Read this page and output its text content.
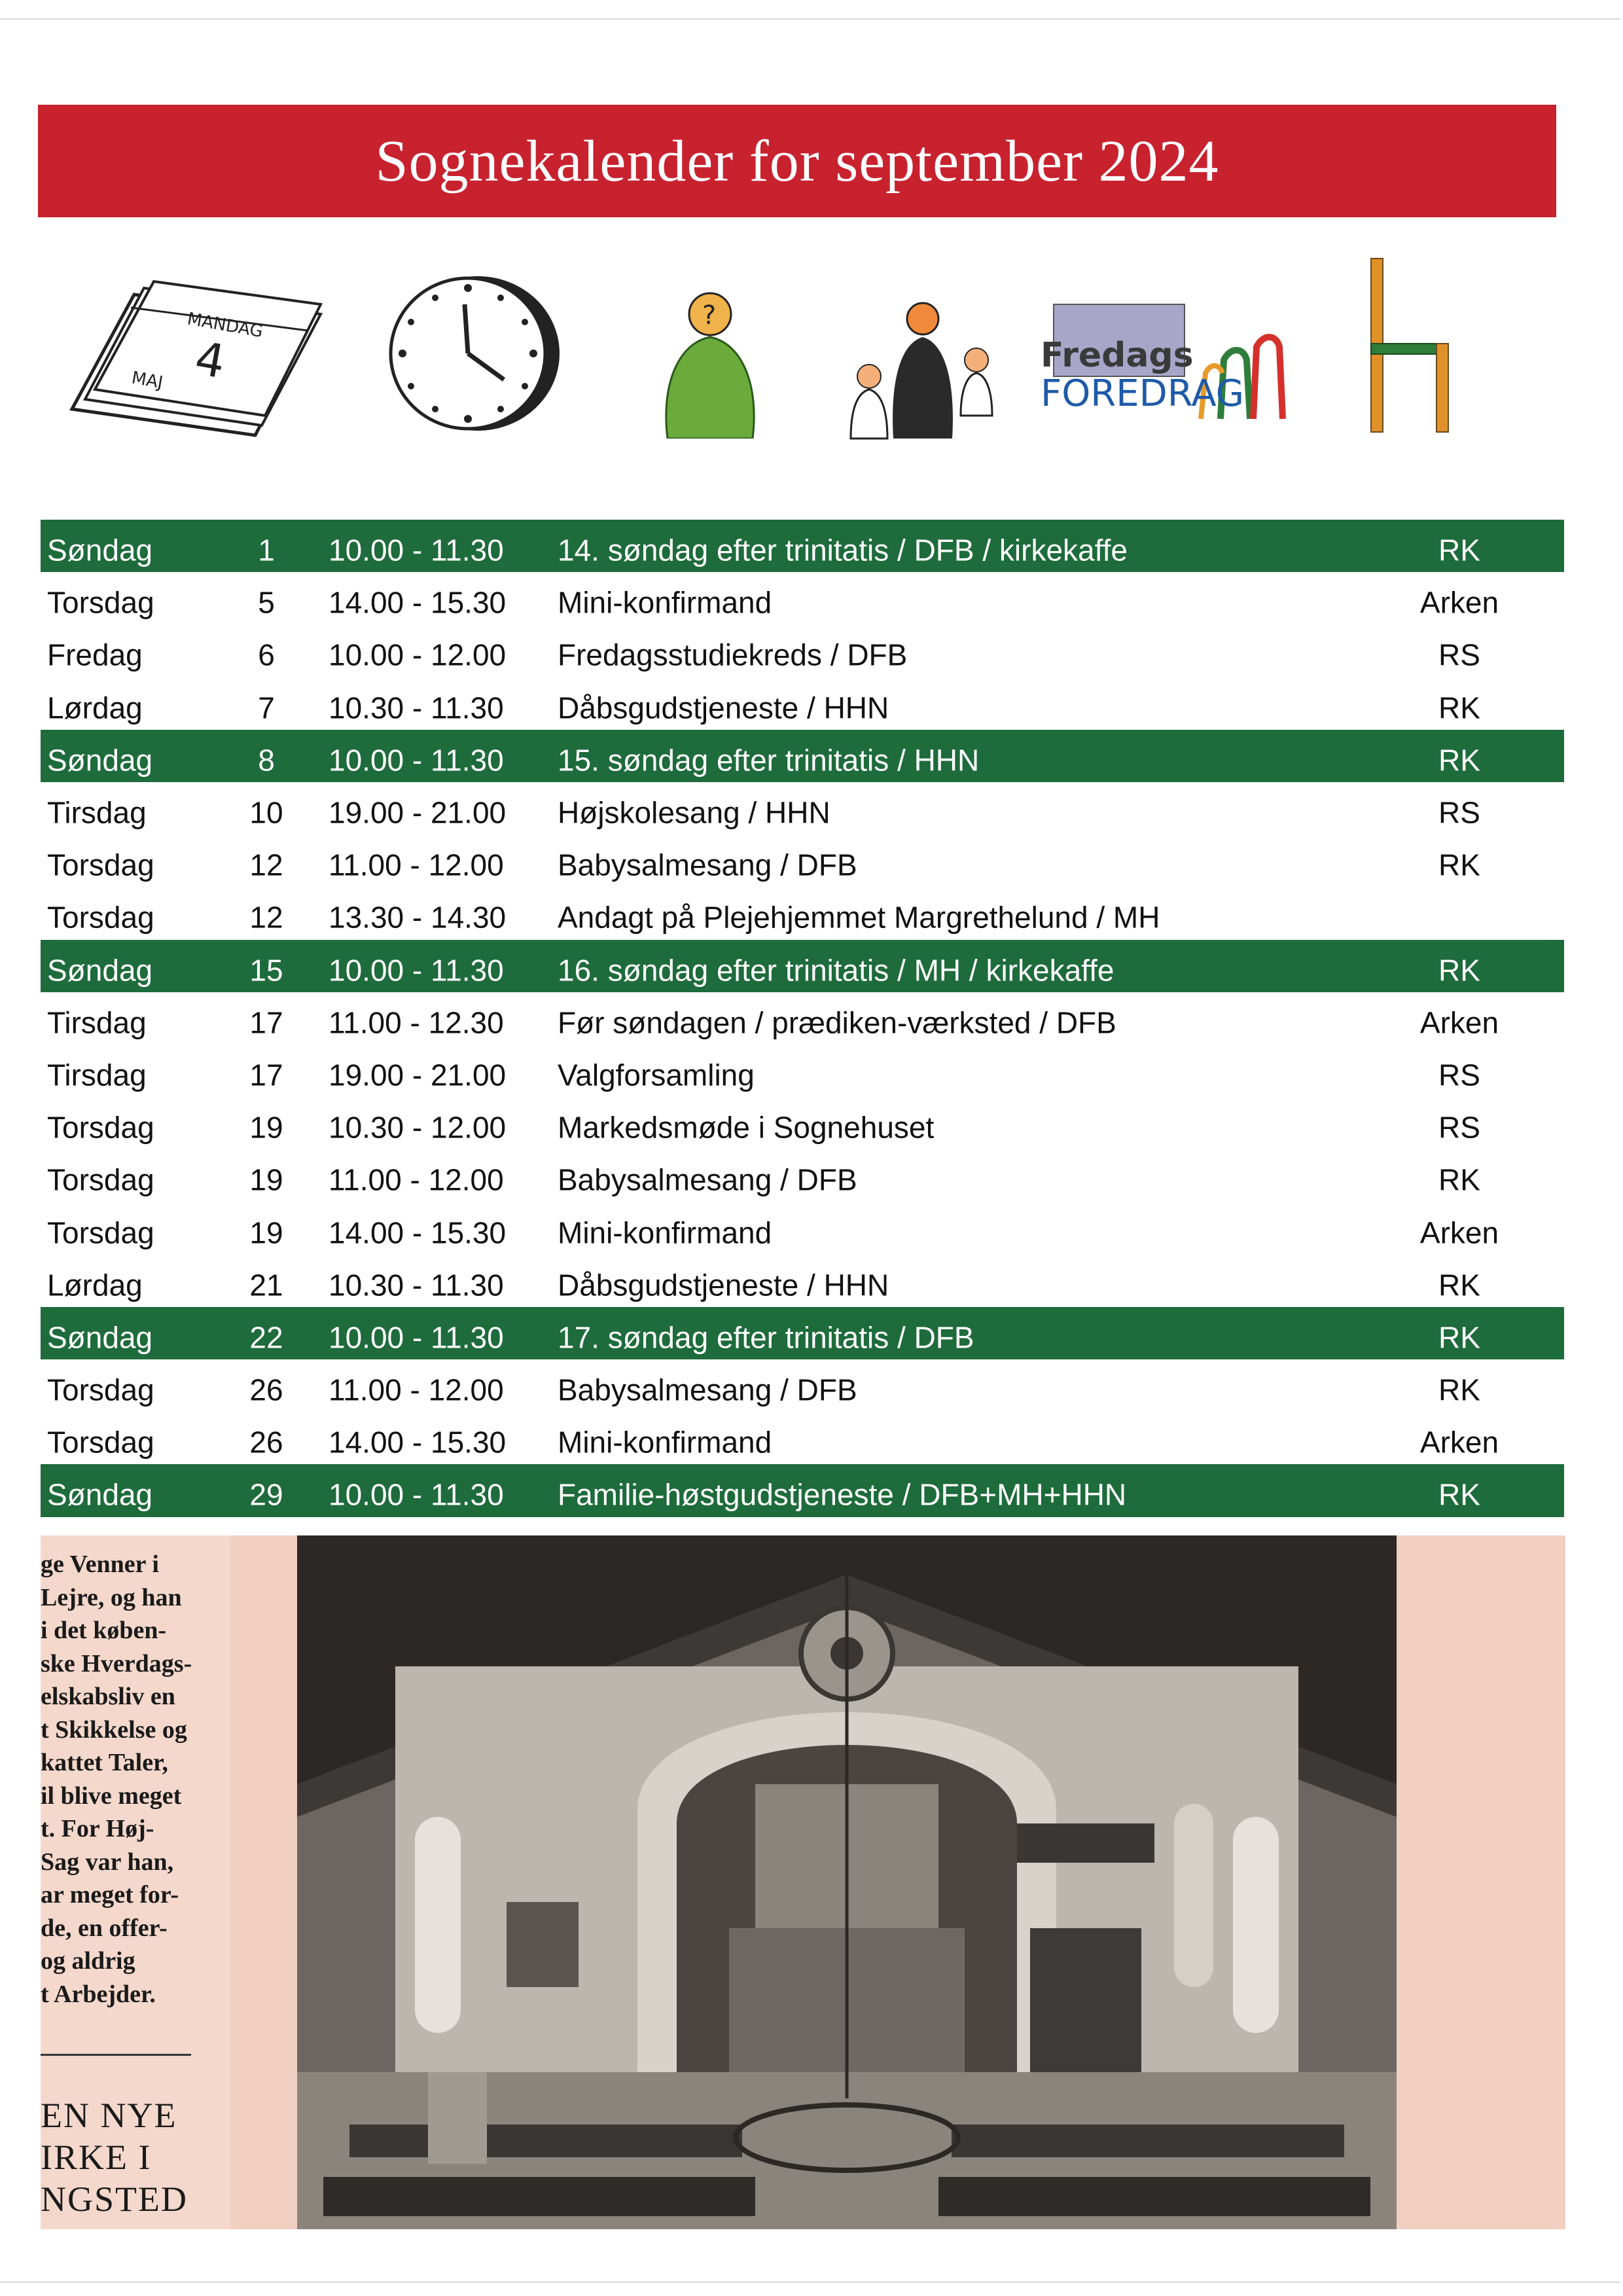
Sognekalender for september 2024
MANDAG
4
MAJ
?
Fredags
FOREDRAG
Søndag	1	10.00 - 11.30 14. søndag efter trinitatis / DFB / kirkekaffe	RK
Torsdag	5	14.00 - 15.30 Mini-konfirmand	Arken
Fredag	6	10.00 - 12.00 Fredagsstudiekreds / DFB	RS
Lørdag	7	10.30 - 11.30 Dåbsgudstjeneste / HHN	RK
Søndag	8	10.00 - 11.30 15. søndag efter trinitatis / HHN	RK
Tirsdag	10	19.00 - 21.00 Højskolesang / HHN	RS
Torsdag	12	11.00 - 12.00 Babysalmesang / DFB	RK
Torsdag	12	13.30 - 14.30 Andagt på Plejehjemmet Margrethelund / MH
Søndag	15	10.00 - 11.30 16. søndag efter trinitatis / MH / kirkekaffe	RK
Tirsdag	17	11.00 - 12.30 Før søndagen / prædiken-værksted / DFB	Arken
Tirsdag	17	19.00 - 21.00 Valgforsamling	RS
Torsdag	19	10.30 - 12.00 Markedsmøde i Sognehuset	RS
Torsdag	19	11.00 - 12.00 Babysalmesang / DFB	RK
Torsdag	19	14.00 - 15.30 Mini-konfirmand	Arken
Lørdag	21	10.30 - 11.30 Dåbsgudstjeneste / HHN	RK
Søndag	22	10.00 - 11.30 17. søndag efter trinitatis / DFB	RK
Torsdag	26	11.00 - 12.00 Babysalmesang / DFB	RK
Torsdag	26	14.00 - 15.30 Mini-konfirmand	Arken
Søndag	29	10.00 - 11.30 Familie-høstgudstjeneste / DFB+MH+HHN	RK
ge Venner i
Lejre, og han
i det køben-
ske Hverdags-
elskabsliv en
t Skikkelse og
kattet Taler,
il blive meget
t. For Høj-
Sag var han,
ar meget for-
de, en offer-
og aldrig
t Arbejder.
EN NYE
IRKE I
NGSTED
